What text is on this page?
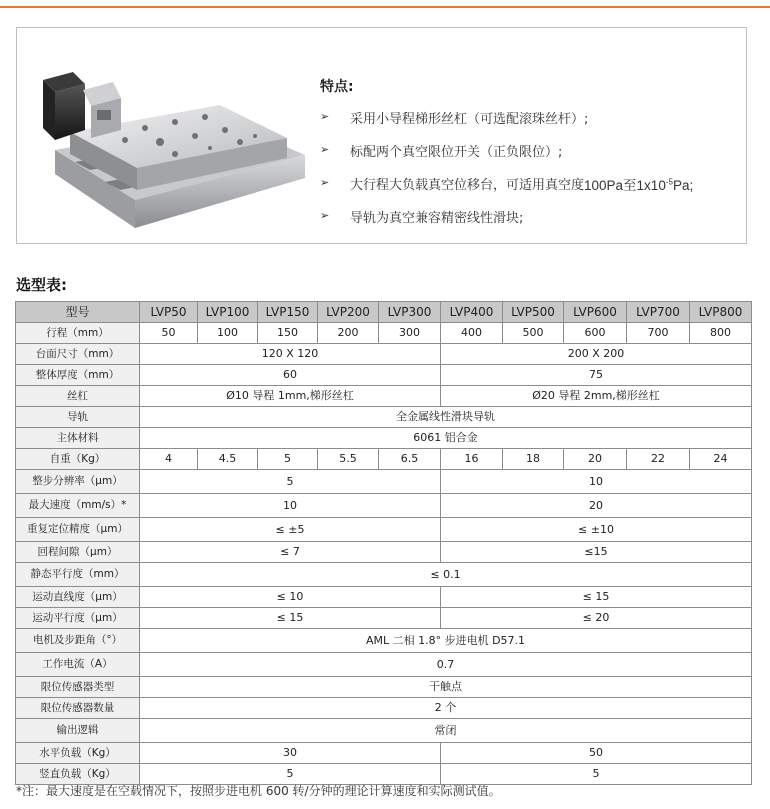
特点:
➢	采用小导程梯形丝杠（可选配滚珠丝杆）;
➢	标配两个真空限位开关（正负限位）;
➢	大行程大负载真空位移台，可适用真空度 100Pa至$1x10^{-5}Pa$;
➢	导轨为真空兼容精密线性滑块;
选型表:
型号	LVP50	LVP100	LVP150	LVP200	LVP300	LVP400	LVP500	LVP600	LVP700	LVP800
行程（mm）	50	100	150	200	300	400	500	600	700	800
台面尺寸（mm）	120 X 120					200 X 200				
整体厚度（mm）	60					75				
丝杠	Ø10 导程 1mm,梯形丝杠					Ø20 导程 2mm,梯形丝杠				
导轨	全金属线性滑块导轨									
主体材料	6061 铝合金									
自重（Kg）	4	4.5	5	5.5	6.5	16	18	20	22	24
整步分辨率（μm）	5					10				
最大速度（mm/s）*	10					20				
重复定位精度（μm）	≤ ±5					≤ ±10				
回程间隙（μm）	≤ 7					≤15				
静态平行度（mm）	≤ 0.1									
运动直线度（μm）	≤ 10					≤ 15				
运动平行度（μm）	≤ 15					≤ 20				
电机及步距角（°）	AML 二相 1.8° 步进电机 D57.1									
工作电流（A）	0.7									
限位传感器类型	干触点									
限位传感器数量	2 个									
输出逻辑	常闭									
水平负载（Kg）	30					50				
竖直负载（Kg）	5					5				
*注：最大速度是在空载情况下，按照步进电机 600 转/分钟的理论计算速度和实际测试值。
